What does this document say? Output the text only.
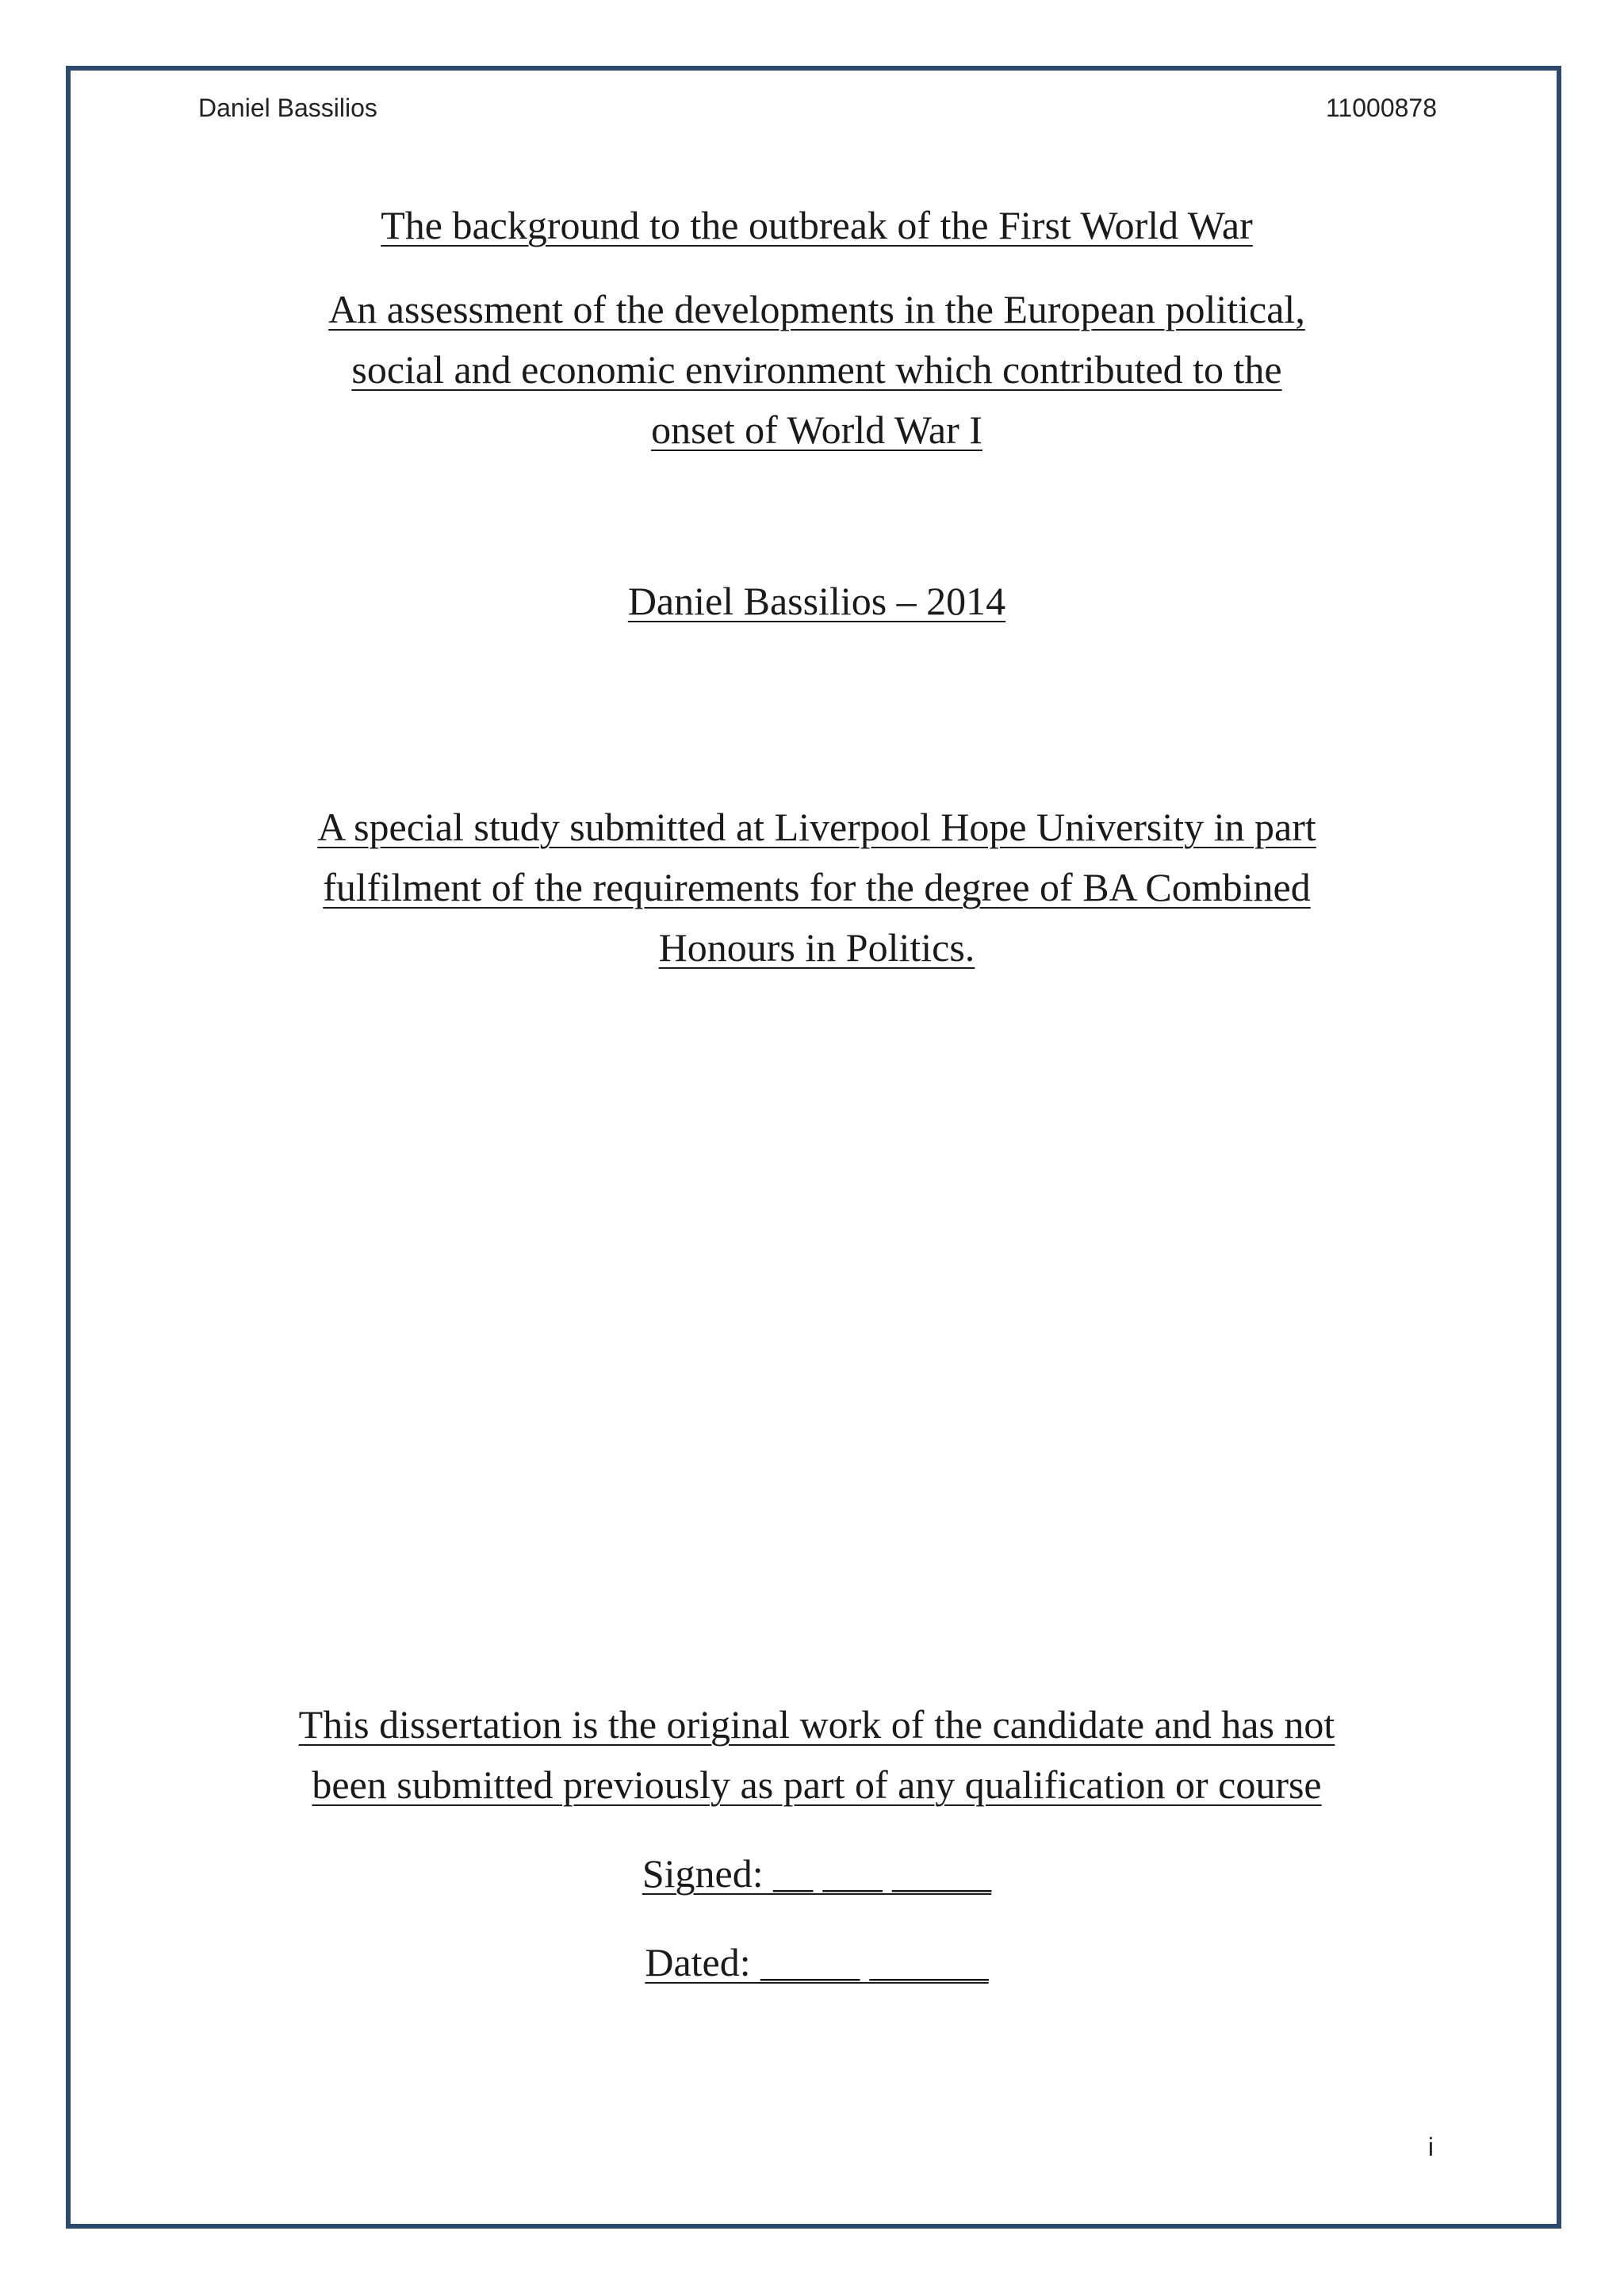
Daniel Bassilios	11000878
The background to the outbreak of the First World War
An assessment of the developments in the European political,
social and economic environment which contributed to the
onset of World War I
Daniel Bassilios – 2014
A special study submitted at Liverpool Hope University in part
fulfilment of the requirements for the degree of BA Combined
Honours in Politics.
This dissertation is the original work of the candidate and has not
been submitted previously as part of any qualification or course
Signed: __ ___ _____
Dated: _____ ______
i
